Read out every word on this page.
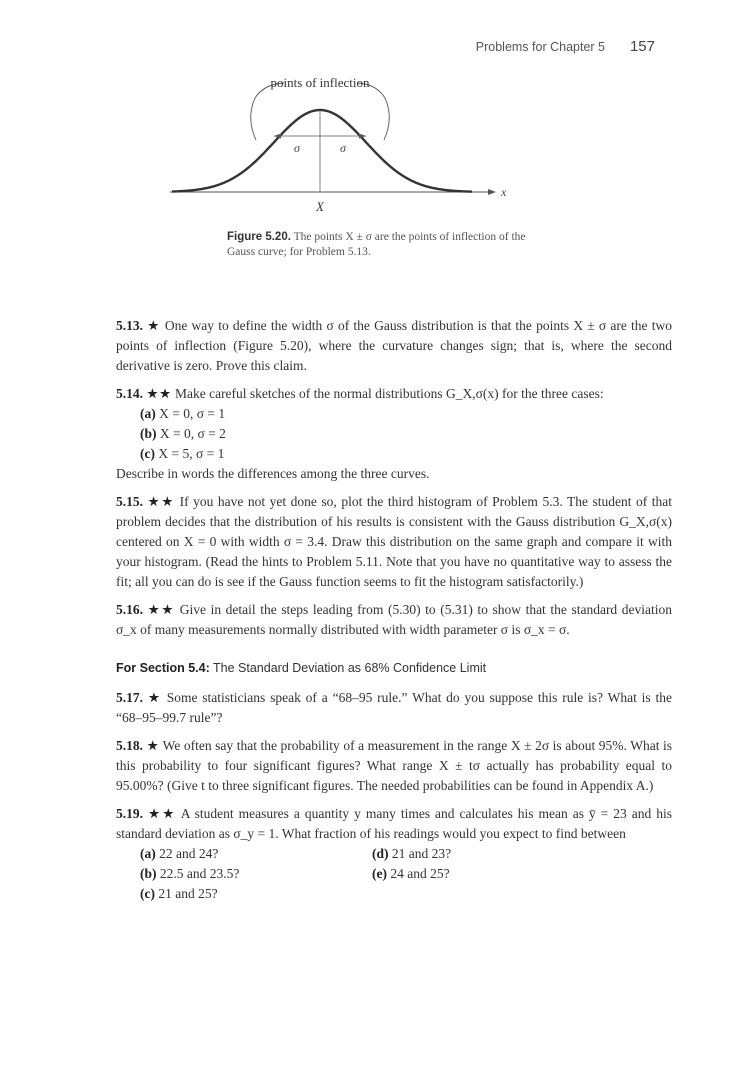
Problems for Chapter 5 157
points of inflection
σ	σ
X
x
Figure 5.20. The points X ± σ are the points of inflection of the Gauss curve; for Problem 5.13.

5.13. ★ One way to define the width σ of the Gauss distribution is that the points X ± σ are the two points of inflection (Figure 5.20), where the curvature changes sign; that is, where the second derivative is zero. Prove this claim.

5.14. ★★ Make careful sketches of the normal distributions G_X,σ(x) for the three cases:

(a) X = 0, σ = 1

(b) X = 0, σ = 2

(c) X = 5, σ = 1

Describe in words the differences among the three curves.

5.15. ★★ If you have not yet done so, plot the third histogram of Problem 5.3. The student of that problem decides that the distribution of his results is consistent with the Gauss distribution G_X,σ(x) centered on X = 0 with width σ = 3.4. Draw this distribution on the same graph and compare it with your histogram. (Read the hints to Problem 5.11. Note that you have no quantitative way to assess the fit; all you can do is see if the Gauss function seems to fit the histogram satisfactorily.)

5.16. ★★ Give in detail the steps leading from (5.30) to (5.31) to show that the standard deviation σ_x of many measurements normally distributed with width parameter σ is σ_x = σ.

For Section 5.4: The Standard Deviation as 68% Confidence Limit

5.17. ★ Some statisticians speak of a “68–95 rule.” What do you suppose this rule is? What is the “68–95–99.7 rule”?

5.18. ★ We often say that the probability of a measurement in the range X ± 2σ is about 95%. What is this probability to four significant figures? What range X ± tσ actually has probability equal to 95.00%? (Give t to three significant figures. The needed probabilities can be found in Appendix A.)

5.19. ★★ A student measures a quantity y many times and calculates his mean as ȳ = 23 and his standard deviation as σ_y = 1. What fraction of his readings would you expect to find between

(a) 22 and 24?	(d) 21 and 23?
(b) 22.5 and 23.5?	(e) 24 and 25?
(c) 21 and 25?
